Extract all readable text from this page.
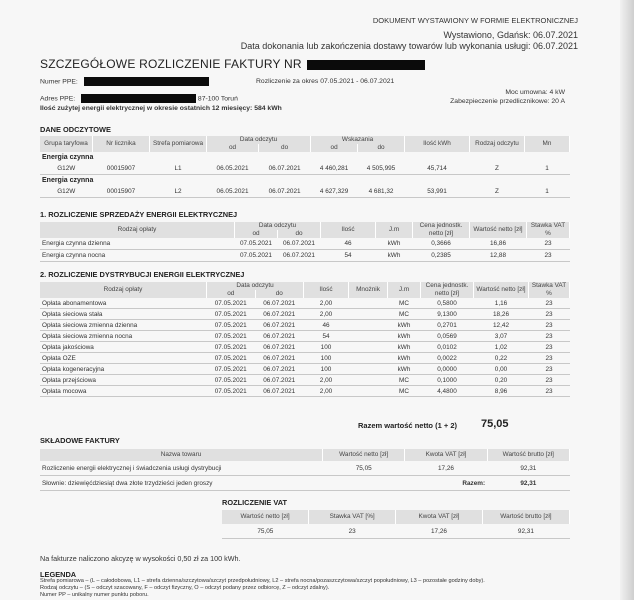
DOKUMENT WYSTAWIONY W FORMIE ELEKTRONICZNEJ
Wystawiono, Gdańsk: 06.07.2021
Data dokonania lub zakończenia dostawy towarów lub wykonania usługi: 06.07.2021
SZCZEGÓŁOWE ROZLICZENIE FAKTURY NR
Numer PPE:	Rozliczenie za okres 07.05.2021 - 06.07.2021
Moc umowna: 4 kW
Adres PPE:	87-100 Toruń	Zabezpieczenie przedlicznikowe: 20 A
Ilość zużytej energii elektrycznej w okresie ostatnich 12 miesięcy: 584 kWh
DANE ODCZYTOWE
Grupa taryfowa	Nr licznika	Strefa pomiarowa	Data odczytu		Wskazania		Ilość kWh	Rodzaj odczytu	Mn
			od	do	od	do			
Energia czynna									
G12W	00015907	L1	06.05.2021	06.07.2021	4 460,281	4 505,995	45,714	Z	1
Energia czynna									
G12W	00015907	L2	06.05.2021	06.07.2021	4 627,329	4 681,32	53,991	Z	1
1. ROZLICZENIE SPRZEDAŻY ENERGII ELEKTRYCZNEJ
Rodzaj opłaty	Data odczytu		Ilość	J.m	Cena jednostk. netto [zł]	Wartość netto [zł]	Stawka VAT %
	od	do					
Energia czynna dzienna	07.05.2021	06.07.2021	46	kWh	0,3666	16,86	23
Energia czynna nocna	07.05.2021	06.07.2021	54	kWh	0,2385	12,88	23
2. ROZLICZENIE DYSTRYBUCJI ENERGII ELEKTRYCZNEJ
Rodzaj opłaty	Data odczytu		Ilość	Mnożnik	J.m	Cena jednostk. netto [zł]	Wartość netto [zł]	Stawka VAT %
	od	do						
Opłata abonamentowa	07.05.2021	06.07.2021	2,00		MC	0,5800	1,16	23
Opłata sieciowa stała	07.05.2021	06.07.2021	2,00		MC	9,1300	18,26	23
Opłata sieciowa zmienna dzienna	07.05.2021	06.07.2021	46		kWh	0,2701	12,42	23
Opłata sieciowa zmienna nocna	07.05.2021	06.07.2021	54		kWh	0,0569	3,07	23
Opłata jakościowa	07.05.2021	06.07.2021	100		kWh	0,0102	1,02	23
Opłata OZE	07.05.2021	06.07.2021	100		kWh	0,0022	0,22	23
Opłata kogeneracyjna	07.05.2021	06.07.2021	100		kWh	0,0000	0,00	23
Opłata przejściowa	07.05.2021	06.07.2021	2,00		MC	0,1000	0,20	23
Opłata mocowa	07.05.2021	06.07.2021	2,00		MC	4,4800	8,96	23
Razem wartość netto (1 + 2) 75,05
SKŁADOWE FAKTURY
Nazwa towaru	Wartość netto [zł]	Kwota VAT [zł]	Wartość brutto [zł]
Rozliczenie energii elektrycznej i świadczenia usługi dystrybucji	75,05	17,26	92,31
Słownie: dziewięćdziesiąt dwa złote trzydzieści jeden groszy		Razem:	92,31
ROZLICZENIE VAT
Wartość netto [zł]	Stawka VAT [%]	Kwota VAT [zł]	Wartość brutto [zł]
75,05	23	17,26	92,31
Na fakturze naliczono akcyzę w wysokości 0,50 zł za 100 kWh.
LEGENDA
Strefa pomiarowa – (L – całodobowa, L1 – strefa dzienna/szczytowa/szczyt przedpołudniowy, L2 – strefa nocna/pozaszczytowa/szczyt popołudniowy, L3 – pozostałe godziny doby).
Rodzaj odczytu – (S – odczyt szacowany, F – odczyt fizyczny, O – odczyt podany przez odbiorcę, Z – odczyt zdalny).
Numer PP – unikalny numer punktu poboru.
